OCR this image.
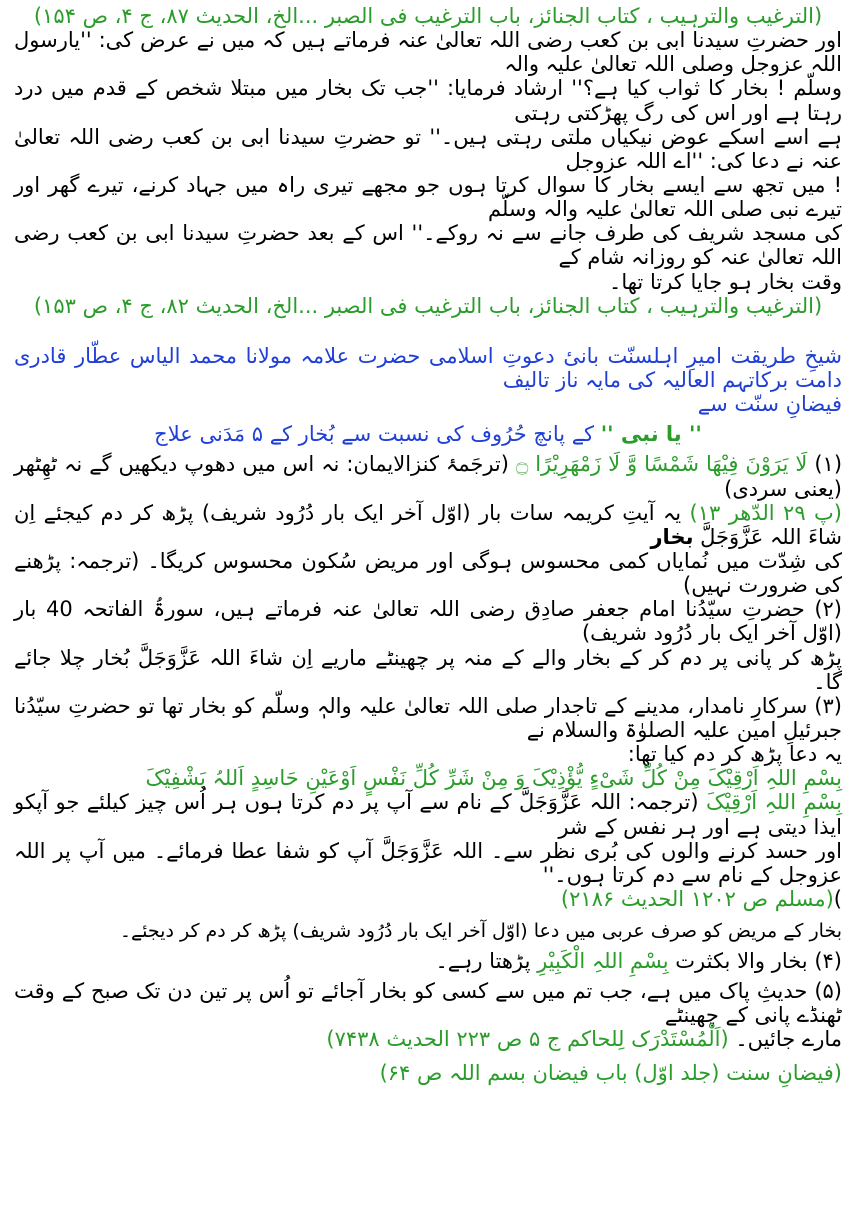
(الترغیب والترہیب ، کتاب الجنائز، باب الترغیب فی الصبر ...الخ، الحدیث ۸۷، ج ۴، ص ۱۵۴)

اور حضرتِ سیدنا ابی بن کعب رضی اللہ تعالیٰ عنہ فرماتے ہیں کہ میں نے عرض کی: ''یارسول اللہ عزوجل وصلی اللہ تعالیٰ علیہ والہ

وسلّم ! بخار کا ثواب کیا ہے؟'' ارشاد فرمایا: ''جب تک بخار میں مبتلا شخص کے قدم میں درد رہتا ہے اور اس کی رگ پھڑکتی رہتی

ہے اسے اسکے عوض نیکیاں ملتی رہتی ہیں۔'' تو حضرتِ سیدنا ابی بن کعب رضی اللہ تعالیٰ عنہ نے دعا کی: ''اے اللہ عزوجل

! میں تجھ سے ایسے بخار کا سوال کرتا ہوں جو مجھے تیری راہ میں جہاد کرنے، تیرے گھر اور تیرے نبی صلی اللہ تعالیٰ علیہ والہ وسلّم

کی مسجد شریف کی طرف جانے سے نہ روکے۔'' اس کے بعد حضرتِ سیدنا ابی بن کعب رضی اللہ تعالیٰ عنہ کو روزانہ شام کے

وقت بخار ہو جایا کرتا تھا۔

(الترغیب والترہیب ، کتاب الجنائز، باب الترغیب فی الصبر ...الخ، الحدیث ۸۲، ج ۴، ص ۱۵۳)

شیخِ طریقت امیرِ اہلسنّت بانیٔ دعوتِ اسلامی حضرت علامہ مولانا محمد الیاس عطّار قادری دامت برکاتہم العالیہ کی مایہ ناز تالیف

فیضانِ سنّت سے

'' یا نبی '' کے پانچ حُرُوف کی نسبت سے بُخار کے ۵ مَدَنی علاج

(۱) لَا یَرَوْنَ فِیْھَا شَمْسًا وَّ لَا زَمْھَرِیْرًا ۝ (ترجَمۂ کنزالایمان: نہ اس میں دھوپ دیکھیں گے نہ ٹھِٹھر (یعنی سردی)

(پ ۲۹ الدّھر ۱۳) یہ آیتِ کریمہ سات بار (اوّل آخر ایک بار دُرُود شریف) پڑھ کر دم کیجئے اِن شاءَ اللہ عَزَّوَجَلَّ بخار

کی شِدّت میں نُمایاں کمی محسوس ہوگی اور مریض سُکون محسوس کریگا۔ (ترجمہ: پڑھنے کی ضرورت نہیں)

(۲) حضرتِ سیّدُنا امام جعفر صادِق رضی اللہ تعالیٰ عنہ فرماتے ہیں، سورۃُ الفاتحہ 40 بار (اوّل آخر ایک بار دُرُود شریف)

پڑھ کر پانی پر دم کر کے بخار والے کے منہ پر چھینٹے ماریے اِن شاءَ اللہ عَزَّوَجَلَّ بُخار چلا جائے گا۔

(۳) سرکارِ نامدار، مدینے کے تاجدار صلی اللہ تعالیٰ علیہ والہٖ وسلّم کو بخار تھا تو حضرتِ سیّدُنا جبرئیلِ امین علیہ الصلوٰۃ والسلام نے

یہ دعا پڑھ کر دم کیا تھا:

بِسْمِ اللہِ اَرْقِیْکَ مِنْ کُلِّ شَیْءٍ یُّؤْذِیْکَ وَ مِنْ شَرِّ کُلِّ نَفْسٍ اَوْعَیْنِ حَاسِدٍ اَللہُ یَشْفِیْکَ

بِسْمِ اللہِ اَرْقِیْکَ (ترجمہ: اللہ عَزَّوَجَلَّ کے نام سے آپ پر دم کرتا ہوں ہر اُس چیز کیلئے جو آپکو ایذا دیتی ہے اور ہر نفس کے شر

اور حسد کرنے والوں کی بُری نظر سے۔ اللہ عَزَّوَجَلَّ آپ کو شفا عطا فرمائے۔ میں آپ پر اللہ عزوجل کے نام سے دم کرتا ہوں۔''

)(مسلم ص ۱۲۰۲ الحدیث ۲۱۸۶)

بخار کے مریض کو صرف عربی میں دعا (اوّل آخر ایک بار دُرُود شریف) پڑھ کر دم کر دیجئے۔

(۴) بخار والا بکثرت بِسْمِ اللہِ الْکَبِیْرِ پڑھتا رہے۔

(۵) حدیثِ پاک میں ہے، جب تم میں سے کسی کو بخار آجائے تو اُس پر تین دن تک صبح کے وقت ٹھنڈے پانی کے چھینٹے

مارے جائیں۔ (اَلْمُسْتَدْرَک لِلحاکم ج ۵ ص ۲۲۳ الحدیث ۷۴۳۸)

(فیضانِ سنت (جلد اوّل) باب فیضان بسم اللہ ص ۶۴)
